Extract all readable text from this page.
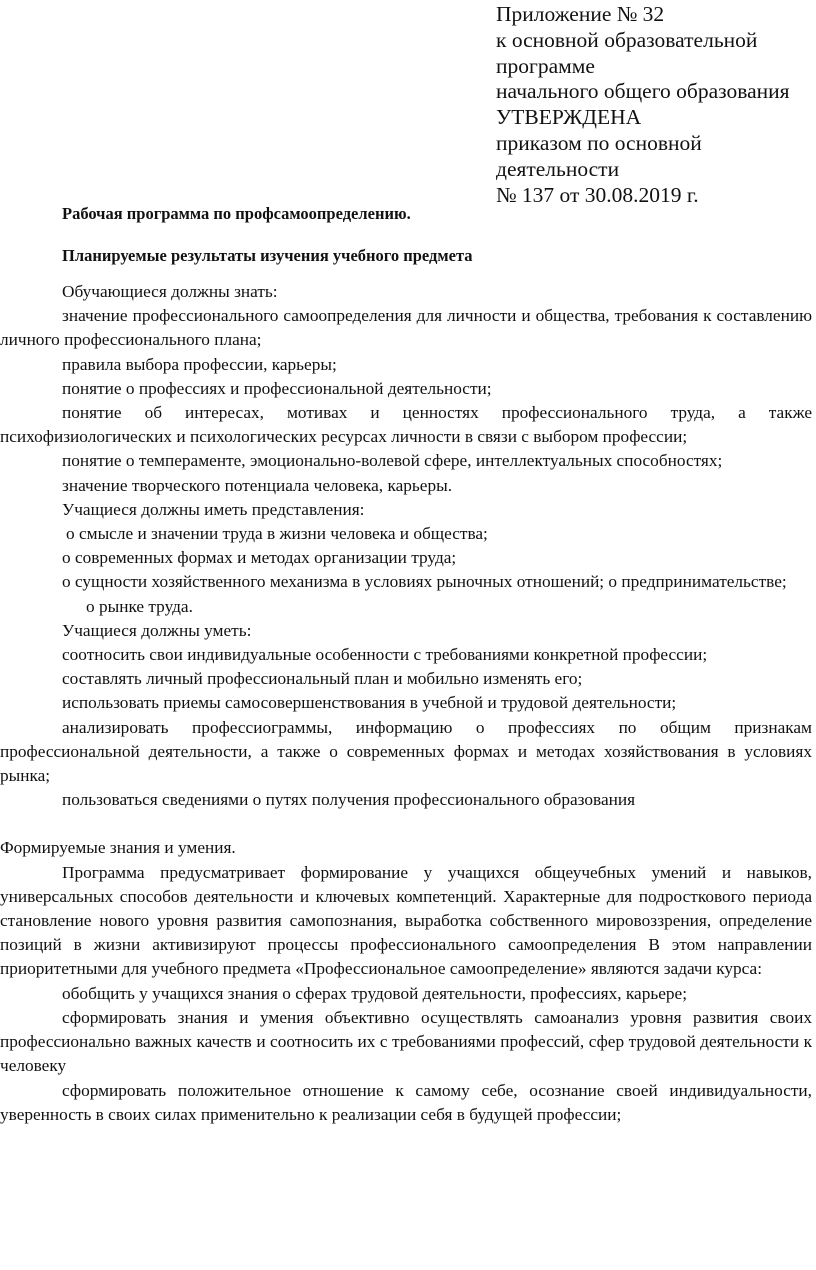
Приложение № 32
к основной образовательной
программе
начального общего образования
УТВЕРЖДЕНА
приказом по основной
деятельности
№ 137 от 30.08.2019 г.
Рабочая программа по профсамоопределению.
Планируемые результаты изучения учебного предмета

Обучающиеся должны знать:

значение профессионального самоопределения для личности и общества, требования к составлению личного профессионального плана;

правила выбора профессии, карьеры;

понятие о профессиях и профессиональной деятельности;

понятие об интересах, мотивах и ценностях профессионального труда, а также психофизиологических и психологических ресурсах личности в связи с выбором профессии;

понятие о темпераменте, эмоционально-волевой сфере, интеллектуальных способностях;

значение творческого потенциала человека, карьеры.

Учащиеся должны иметь представления:

о смысле и значении труда в жизни человека и общества;

о современных формах и методах организации труда;

о сущности хозяйственного механизма в условиях рыночных отношений; о предпринимательстве;

о рынке труда.

Учащиеся должны уметь:

соотносить свои индивидуальные особенности с требованиями конкретной профессии;

составлять личный профессиональный план и мобильно изменять его;

использовать приемы самосовершенствования в учебной и трудовой деятельности;

анализировать профессиограммы, информацию о профессиях по общим признакам профессиональной деятельности, а также о современных формах и методах хозяйствования в условиях рынка;

пользоваться сведениями о путях получения профессионального образования

Формируемые знания и умения.

Программа предусматривает формирование у учащихся общеучебных умений и навыков, универсальных способов деятельности и ключевых компетенций. Характерные для подросткового периода становление нового уровня развития самопознания, выработка собственного мировоззрения, определение позиций в жизни активизируют процессы профессионального самоопределения В этом направлении приоритетными для учебного предмета «Профессиональное самоопределение» являются задачи курса:

обобщить у учащихся знания о сферах трудовой деятельности, профессиях, карьере;

сформировать знания и умения объективно осуществлять самоанализ уровня развития своих профессионально важных качеств и соотносить их с требованиями профессий, сфер трудовой деятельности к человеку

сформировать положительное отношение к самому себе, осознание своей индивидуальности, уверенность в своих силах применительно к реализации себя в будущей профессии;
